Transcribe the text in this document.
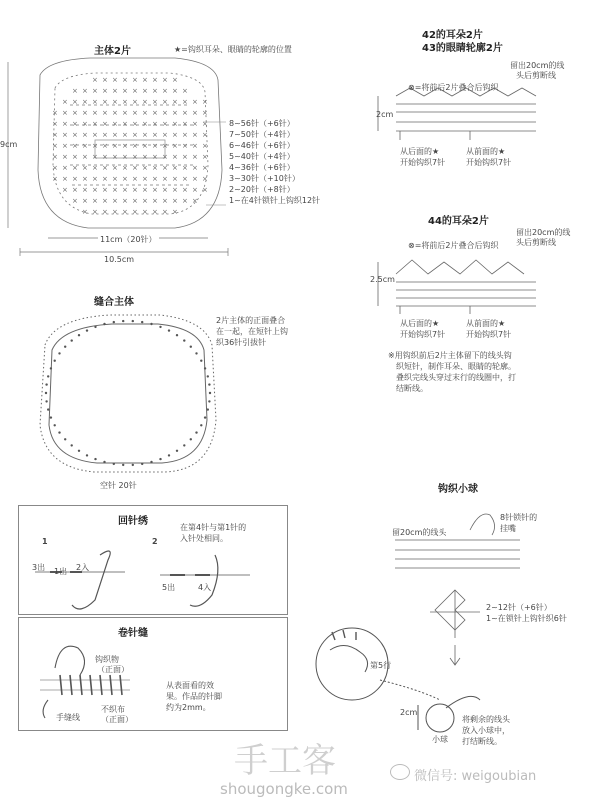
× × × × × × × × ×
× × × × × × × × × × × ×
× × × × × × × × × × × × × × ×
× × × × × × × × × × × × × × × ×
× × × × × × × × × × × × × × × ×
× × × × × × × × × × × × × × × ×
× × × × × × × × × × × × × × × ×
× × × × × × × × × × × × × × × ×
× × × × × × × × × × × × × × × ×
× × × × × × × × × × × × × × × ×
× × × × × × × × × × × × × × ×
× × × × × × × × × × × × ×
× × × × × × × × × ×
主体2片	★=钩织耳朵、眼睛的轮廓的位置
8~56针（+6针）
7~50针（+4针）
6~46针（+6针）
5~40针（+4针）
4~36针（+6针）
3~30针（+10针）
2~20针（+8针）
1~在4针锁针上钩织12针
11cm（20针）
10.5cm
9cm
缝合主体
2片主体的正面叠合
在一起，在短针上钩
织36针引拔针
空针 20针
42的耳朵2片
43的眼睛轮廓2片
留出20cm的线
头后剪断线
⊗=将前后2片叠合后钩织
2cm
从后面的★
开始钩织7针
从前面的★
开始钩织7针
44的耳朵2片
留出20cm的线
头后剪断线
⊗=将前后2片叠合后钩织
2.5cm
从后面的★
开始钩织7针
从前面的★
开始钩织7针
※用钩织前后2片主体留下的线头钩
织短针，制作耳朵、眼睛的轮廓。
叠织完线头穿过末行的线圈中，打
结断线。
回针绣
1	2
在第4针与第1针的
入针处相同。
3出 1出 2入
5出	4入
卷针缝
钩织物
（正面）
手缝线
不织布
（正面）
从表面看的效
果。作品的针脚
约为2mm。
钩织小球
留20cm的线头
8针锁针的
挂嘴
2~12针（+6针）
1~在锁针上钩针织6针
第5行
2cm
小球
将剩余的线头
放入小球中，
打结断线。
手工客
shougongke.com
微信号: weigoubian
